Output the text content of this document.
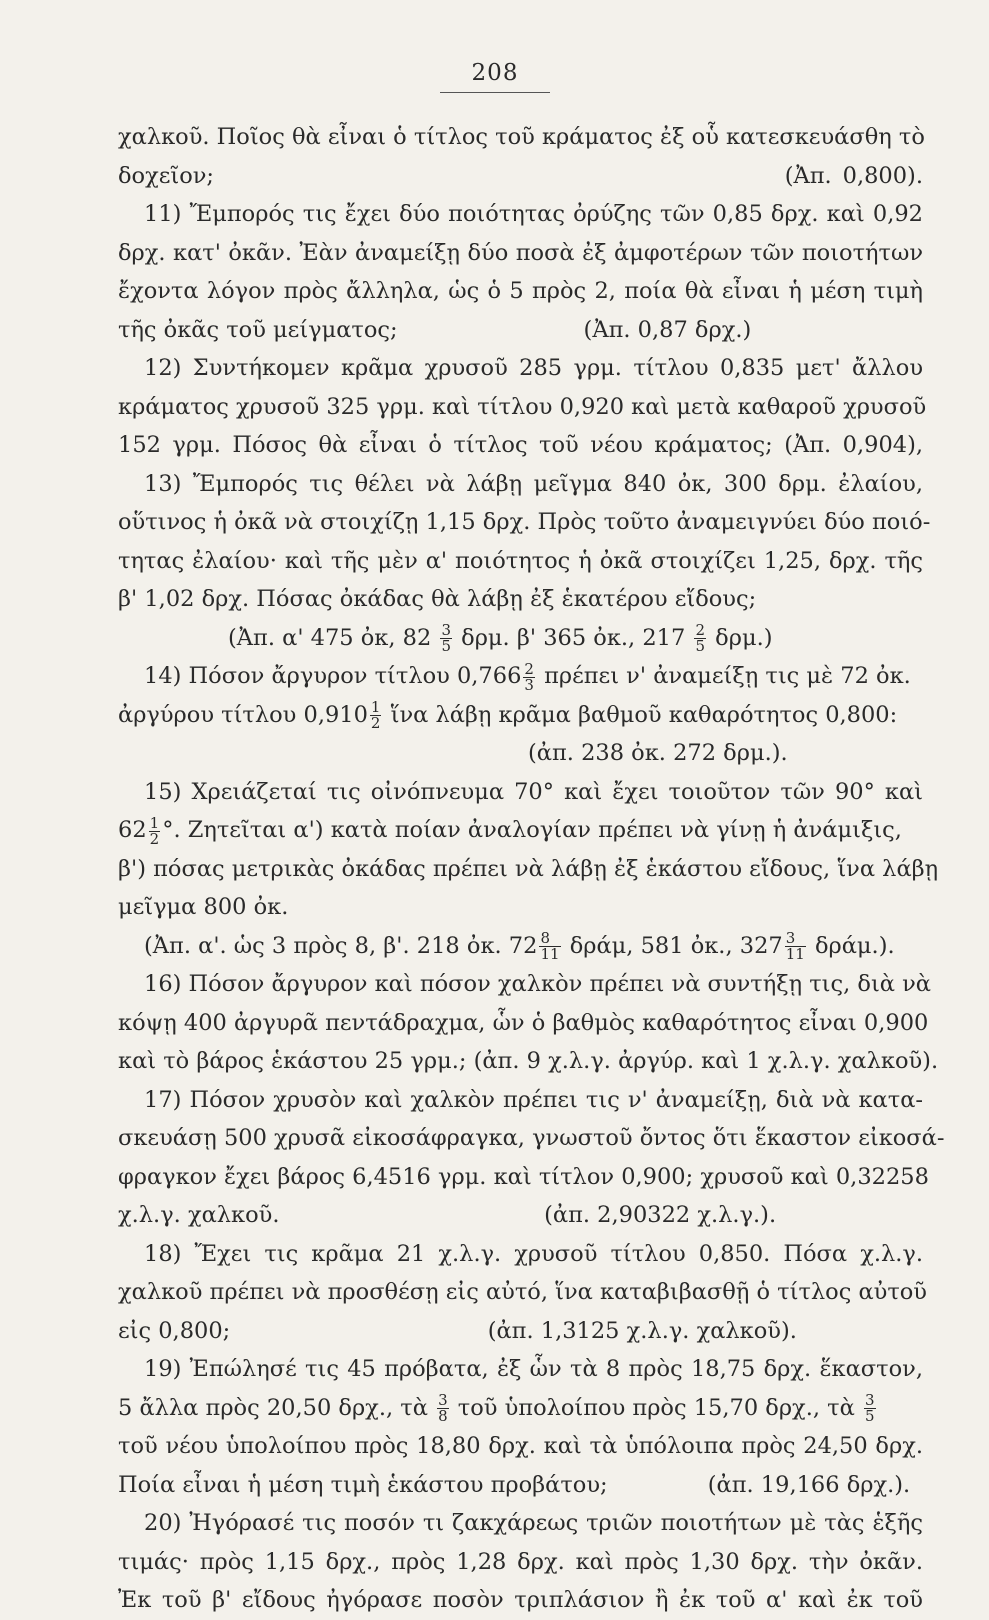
208
χαλκοῦ. Ποῖος θὰ εἶναι ὁ τίτλος τοῦ κράματος ἐξ οὗ κατεσκευάσθη τὸ
δοχεῖον;                                                    (Ἀπ. 0,800).
11) Ἔμπορός τις ἔχει δύο ποιότητας ὀρύζης τῶν 0,85 δρχ. καὶ 0,92
δρχ. κατ' ὀκᾶν. Ἐὰν ἀναμείξῃ δύο ποσὰ ἐξ ἀμφοτέρων τῶν ποιοτήτων
ἔχοντα λόγον πρὸς ἄλληλα, ὡς ὁ 5 πρὸς 2, ποία θὰ εἶναι ἡ μέση τιμὴ
τῆς ὀκᾶς τοῦ μείγματος;                          (Ἀπ. 0,87 δρχ.)
12) Συντήκομεν κρᾶμα χρυσοῦ 285 γρμ. τίτλου 0,835 μετ' ἄλλου
κράματος χρυσοῦ 325 γρμ. καὶ τίτλου 0,920 καὶ μετὰ καθαροῦ χρυσοῦ
152 γρμ. Πόσος θὰ εἶναι ὁ τίτλος τοῦ νέου κράματος; (Ἀπ. 0,904),
13) Ἔμπορός τις θέλει νὰ λάβῃ μεῖγμα 840 ὀκ, 300 δρμ. ἐλαίου,
οὕτινος ἡ ὀκᾶ νὰ στοιχίζῃ 1,15 δρχ. Πρὸς τοῦτο ἀναμειγνύει δύο ποιό-
τητας ἐλαίου· καὶ τῆς μὲν α' ποιότητος ἡ ὀκᾶ στοιχίζει 1,25, δρχ. τῆς
β' 1,02 δρχ. Πόσας ὀκάδας θὰ λάβῃ ἐξ ἑκατέρου εἴδους;
(Ἀπ. α' 475 ὀκ, $82 \frac{3}{5} \delta\rho\mu$. β' 365 ὀκ., $217 \frac{2}{5} \delta\rho\mu$.)
14) Πόσον ἄργυρον τίτλου $0,766 \frac{2}{3}$ πρέπει ν' ἀναμείξῃ τις μὲ 72 ὀκ.
ἀργύρου τίτλου $0,910 \frac{1}{2}$ ἵνα λάβῃ κρᾶμα βαθμοῦ καθαρότητος 0,800:
(ἀπ. 238 ὀκ. 272 δρμ.).
15) Χρειάζεταί τις οἰνόπνευμα 70° καὶ ἔχει τοιοῦτον τῶν 90° καὶ
$62 \frac{1}{2}$ °. Ζητεῖται α') κατὰ ποίαν ἀναλογίαν πρέπει νὰ γίνῃ ἡ ἀνάμιξις,
β') πόσας μετρικὰς ὀκάδας πρέπει νὰ λάβῃ ἐξ ἑκάστου εἴδους, ἵνα λάβῃ
μεῖγμα 800 ὀκ.
(Ἀπ. α'. ὡς 3 πρὸς 8, β'. 218 ὀκ. $72 \frac{8}{11} \delta\rho ά\mu$, 581 ὀκ., $327 \frac{3}{11} \delta\rho ά\mu$.).
16) Πόσον ἄργυρον καὶ πόσον χαλκὸν πρέπει νὰ συντήξῃ τις, διὰ νὰ
κόψῃ 400 ἀργυρᾶ πεντάδραχμα, ὧν ὁ βαθμὸς καθαρότητος εἶναι 0,900
καὶ τὸ βάρος ἑκάστου 25 γρμ.; (ἀπ. 9 χ.λ.γ. ἀργύρ. καὶ 1 χ.λ.γ. χαλκοῦ).
17) Πόσον χρυσὸν καὶ χαλκὸν πρέπει τις ν' ἀναμείξῃ, διὰ νὰ κατα-
σκευάσῃ 500 χρυσᾶ εἰκοσάφραγκα, γνωστοῦ ὄντος ὅτι ἕκαστον εἰκοσά-
φραγκον ἔχει βάρος 6,4516 γρμ. καὶ τίτλον 0,900; χρυσοῦ καὶ 0,32258
χ.λ.γ. χαλκοῦ.                                     (ἀπ. 2,90322 χ.λ.γ.).
18) Ἔχει τις κρᾶμα 21 χ.λ.γ. χρυσοῦ τίτλου 0,850. Πόσα χ.λ.γ.
χαλκοῦ πρέπει νὰ προσθέσῃ εἰς αὐτό, ἵνα καταβιβασθῇ ὁ τίτλος αὐτοῦ
εἰς 0,800;                                    (ἀπ. 1,3125 χ.λ.γ. χαλκοῦ).
19) Ἐπώλησέ τις 45 πρόβατα, ἐξ ὧν τὰ 8 πρὸς 18,75 δρχ. ἕκαστον,
5 ἄλλα πρὸς 20,50 δρχ., τὰ $\frac{3}{8}$ τοῦ ὑπολοίπου πρὸς 15,70 δρχ., τὰ $\frac{3}{5}$
τοῦ νέου ὑπολοίπου πρὸς 18,80 δρχ. καὶ τὰ ὑπόλοιπα πρὸς 24,50 δρχ.
Ποία εἶναι ἡ μέση τιμὴ ἑκάστου προβάτου;              (ἀπ. 19,166 δρχ.).
20) Ἠγόρασέ τις ποσόν τι ζακχάρεως τριῶν ποιοτήτων μὲ τὰς ἑξῆς
τιμάς· πρὸς 1,15 δρχ., πρὸς 1,28 δρχ. καὶ πρὸς 1,30 δρχ. τὴν ὀκᾶν.
Ἐκ τοῦ β' εἴδους ἠγόρασε ποσὸν τριπλάσιον ἢ ἐκ τοῦ α' καὶ ἐκ τοῦ
